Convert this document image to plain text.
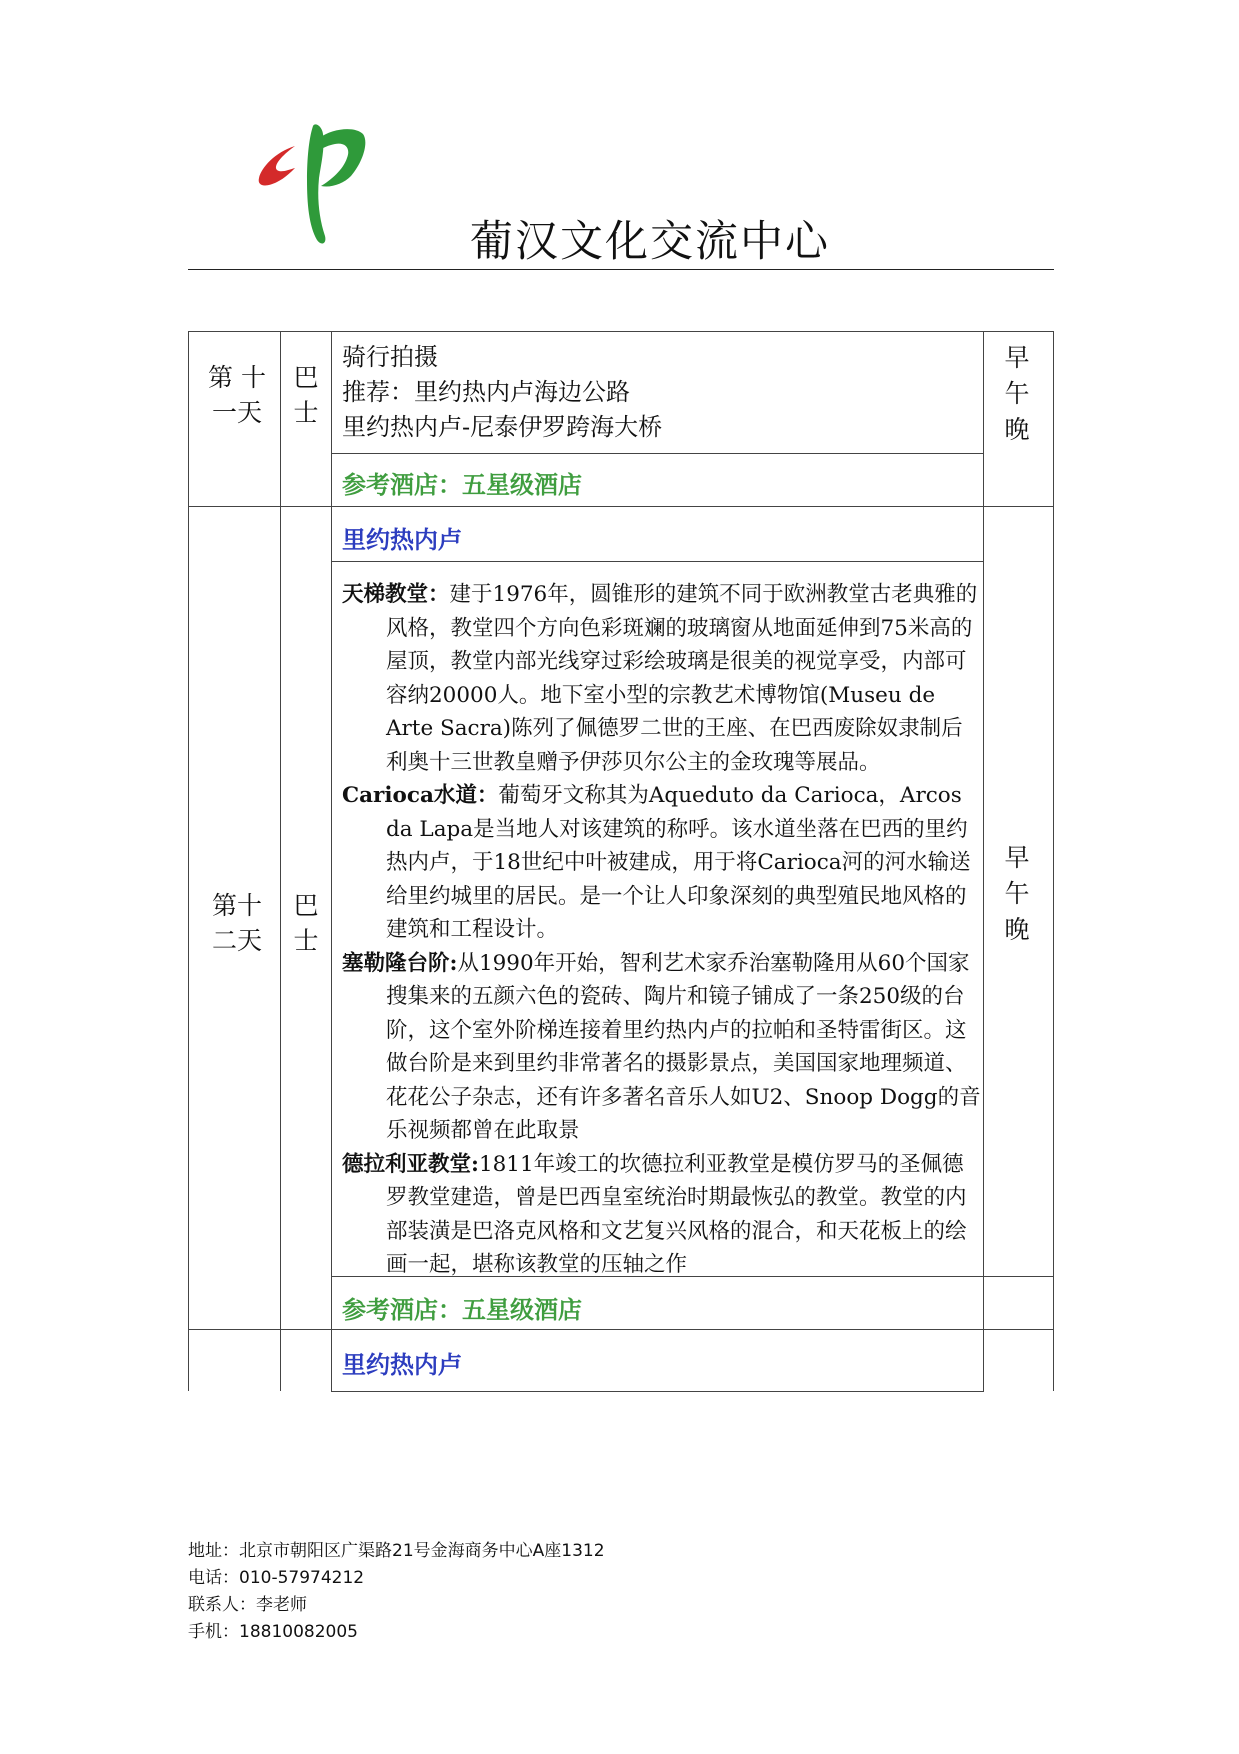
葡汉文化交流中心
第 十
一天
巴
士
骑行拍摄
推荐：里约热内卢海边公路
里约热内卢-尼泰伊罗跨海大桥
参考酒店：五星级酒店
早
午
晚
里约热内卢
第十
二天
巴
士

天梯教堂：建于1976年，圆锥形的建筑不同于欧洲教堂古老典雅的风格，教堂四个方向色彩斑斓的玻璃窗从地面延伸到75米高的屋顶，教堂内部光线穿过彩绘玻璃是很美的视觉享受，内部可容纳20000人。地下室小型的宗教艺术博物馆(Museu de Arte Sacra)陈列了佩德罗二世的王座、在巴西废除奴隶制后利奥十三世教皇赠予伊莎贝尔公主的金玫瑰等展品。

Carioca水道：葡萄牙文称其为Aqueduto da Carioca，Arcos da Lapa是当地人对该建筑的称呼。该水道坐落在巴西的里约热内卢，于18世纪中叶被建成，用于将Carioca河的河水输送给里约城里的居民。是一个让人印象深刻的典型殖民地风格的建筑和工程设计。

塞勒隆台阶:从1990年开始，智利艺术家乔治塞勒隆用从60个国家搜集来的五颜六色的瓷砖、陶片和镜子铺成了一条250级的台阶，这个室外阶梯连接着里约热内卢的拉帕和圣特雷街区。这做台阶是来到里约非常著名的摄影景点，美国国家地理频道、花花公子杂志，还有许多著名音乐人如U2、Snoop Dogg的音乐视频都曾在此取景

德拉利亚教堂:1811年竣工的坎德拉利亚教堂是模仿罗马的圣佩德罗教堂建造，曾是巴西皇室统治时期最恢弘的教堂。教堂的内部装潢是巴洛克风格和文艺复兴风格的混合，和天花板上的绘画一起，堪称该教堂的压轴之作

早
午
晚
参考酒店：五星级酒店
里约热内卢
地址：北京市朝阳区广渠路21号金海商务中心A座1312
电话：010-57974212
联系人：李老师
手机：18810082005
